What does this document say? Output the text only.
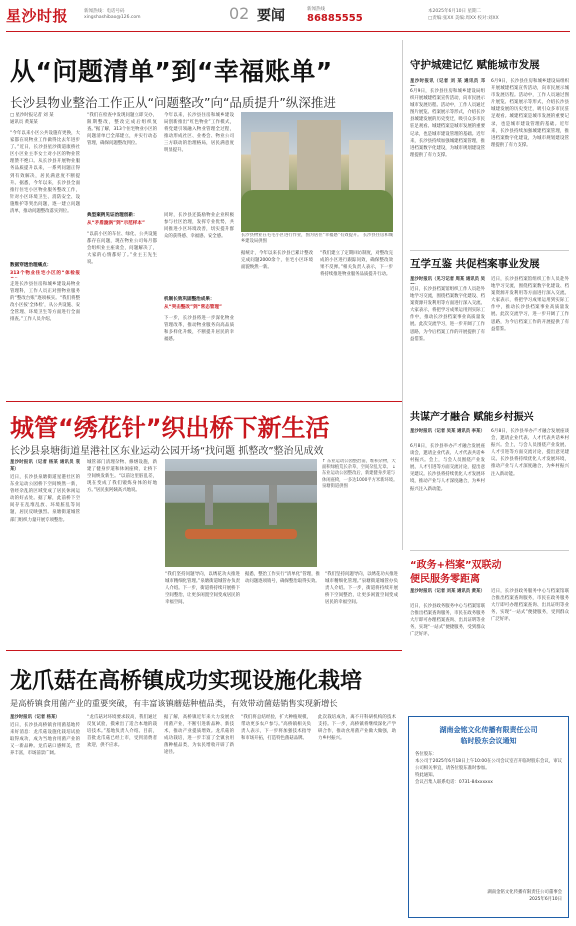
星沙时报	新闻热线：电话号码
xingshashibao@126.com	02 要闻	新闻热线
86885555
本2025年6月10日 星期二
□责编:张XX 美编:周XX 校对:刘XX
从“问题清单”到“幸福账单”
长沙县物业整治工作正从“问题整改”向“品质提升”纵深推进
□ 星沙时报记者 刘 某
通讯员 黄某某
“今年以来小区公共设施有更换，大家都在说物业工作做得比去年进步了。”近日，长沙县星沙街道康桥社区小区业主李女士对小区的物业管理赞不绝口。从长沙县开展物业服务品质提升以来，一系列问题正得到有效解决，居民满意度不断提升。据悉，今年以来，长沙县全面推行住宅小区物业服务整改工作，针对小区环境卫生、消防安全、设施维护等突出问题，逐一建立问题清单，推动问题整改落实到位。
数据穿透治理痛点：
313个物业住宅小区的“体检报
走进长沙县住房和城乡建设局物业管理科，工作人员正对照物业服务的“整改台账”逐项核实。“我们将整改小区按‘全体检’，从公共设施、安全管理、环境卫生等方面进行全面排查。”工作人员介绍。
“我们在检查中发现问题立即交办，限期整改，整改完成后组织复查。”据了解，313个住宅物业小区的问题清单已全部建立，并实行动态管理，确保问题整改到位。
典型案例见证治理创新：
从“矛盾漩涡”到“示范样本”
“以前小区的车位、绿化、公共设施都存在问题，现在物业公司每月都会组织业主座谈会，问题解决了，大家的心情都好了。”业主王先生说。
今年以来，长沙县住房和城乡建设局创新推出“红色物业”工作模式，将党建引领融入物业管理全过程，推动形成社区、业委会、物业公司三方联动的治理格局，居民满意度明显提升。
同时，长沙县还鼓励物业企业积极参与社区治理，发挥专业优势，共同推进小区环境改善，切实提升群众的获得感、幸福感、安全感。	长沙县物业在毛毛小区进行作业，图为居住“幸福感”有效提升。 长沙县住房和城乡建设局供图
据统计，今年以来长沙县已累计整改完成问题2000余个，住宅小区环境面貌焕然一新。
“我们建立了定期回访制度，对整改完成的小区进行跟踪问效，确保整改效果不反弹。”相关负责人表示，下一步将持续推进物业服务品质提升行动。
机制长效巩固整治成果：
从“突击整改”到“常态管理”
下一步，长沙县将进一步深化物业管理改革，推动物业服务向高品质和多样化升级，不断提升居民的幸福感。
守护城建记忆 赋能城市发展
星沙时报讯（记者 刘 某 通讯员 邓
6月9日，长沙县住房和城乡建设局组织开展城建档案宣传活动，向市民展示城市发展历程。活动中，工作人员通过图片展览、档案展示等形式，介绍长沙县城建发展的历史变迁，吸引众多市民驻足观看。城建档案是城市发展的重要记录，也是城市建设管理的基础。近年来，长沙县持续加强城建档案管理，推进档案数字化建设，为城市规划建设管理提供了有力支撑。
6月9日，长沙县住房和城乡建设局组织开展城建档案宣传活动，向市民展示城市发展历程。活动中，工作人员通过图片展览、档案展示等形式，介绍长沙县城建发展的历史变迁，吸引众多市民驻足观看。城建档案是城市发展的重要记录，也是城市建设管理的基础。近年来，长沙县持续加强城建档案管理，推进档案数字化建设，为城市规划建设管理提供了有力支撑。
互学互鉴 共促档案事业发展
星沙时报讯（见习记者 周某 通讯员 吴
近日，长沙县档案馆组织工作人员赴外地学习交流，围绕档案数字化建设、档案资源开发利用等方面进行深入交流。大家表示，将把学习成果运用到实际工作中，推动长沙县档案事业高质量发展。此次交流学习，进一步开阔了工作思路，为今后档案工作的开展提供了有益借鉴。
近日，长沙县档案馆组织工作人员赴外地学习交流，围绕档案数字化建设、档案资源开发利用等方面进行深入交流。大家表示，将把学习成果运用到实际工作中，推动长沙县档案事业高质量发展。此次交流学习，进一步开阔了工作思路，为今后档案工作的开展提供了有益借鉴。
城管“绣花针”织出桥下新生活
长沙县泉塘街道星港社区东业运动公园开场“找问题 抓整改”整治见成效
星沙时报讯（记者 杨某 通讯员 袁某）
近日，长沙县泉塘街道星港社区的东业运动公园桥下空间焕然一新，曾经杂乱的区域变成了居民休闲运动的好去处。据了解，此前桥下空间存在乱堆乱放、环境脏乱等问题，居民反映强烈。泉塘街道城管部门组织力量开展专项整治。
城管部门清理杂物、修缮设施，新建了健身步道和休闲座椅，让桥下空间焕发新生。“以前这里脏乱差，现在变成了我们锻炼身体的好地方。”居民张阿姨高兴地说。
↑ 东业运动公园整治前，堆积杂物，大面积绿植荒长杂草，空间杂乱无章。 ↓ 东业运动公园整改后，新建健身步道与休闲座椅，一多达1000平方米新环境。 泉塘街道供图
“我们坚持问题导向，以绣花功夫推进城市精细化管理。”泉塘街道城管办负责人介绍。下一步，街道将持续开展桥下空间整治，让更多闲置空间变成居民的幸福空间。
据悉，整治工作实行“清单化”管理，推动问题逐项销号，确保整治取得实效。
“我们坚持问题导向，以绣花功夫推进城市精细化管理。”泉塘街道城管办负责人介绍。下一步，街道将持续开展桥下空间整治，让更多闲置空间变成居民的幸福空间。
共谋产才融合 赋能乡村振兴
星沙时报讯（记者 吴某 通讯员 李某）
6月8日，长沙县举办产才融合发展座谈会，邀请企业代表、人才代表共话乡村振兴。会上，与会人员围绕产业发展、人才引进等方面交流讨论，提出意见建议。长沙县将持续优化人才发展环境，推动产业与人才深度融合，为乡村振兴注入新动能。
6月8日，长沙县举办产才融合发展座谈会，邀请企业代表、人才代表共话乡村振兴。会上，与会人员围绕产业发展、人才引进等方面交流讨论，提出意见建议。长沙县将持续优化人才发展环境，推动产业与人才深度融合，为乡村振兴注入新动能。
“政务+档案”双联动
便民服务零距离
星沙时报讯（记者 刘某 通讯员 黄某）
近日，长沙县政务服务中心与档案馆联合推出档案查询服务，市民在政务服务大厅即可办理档案查询、出具证明等业务，实现“一站式”便捷服务，受到群众广泛好评。
近日，长沙县政务服务中心与档案馆联合推出档案查询服务，市民在政务服务大厅即可办理档案查询、出具证明等业务，实现“一站式”便捷服务，受到群众广泛好评。
龙爪菇在高桥镇成功实现设施化栽培
是高桥镇食用菌产业的重要突破，有丰富该镇蘑菇种植品类，有效带动菌菇销售实现新增长
星沙时报讯（记者 杨某）
近日，长沙县高桥镇食用菌基地传来好消息：龙爪菇设施化栽培试验取得成功，成为当地食用菌产业的又一新品种。龙爪菇口感鲜美，营养丰富，市场前景广阔。
“龙爪菇对环境要求较高，我们通过反复试验，摸索出了适合本地的栽培技术。”基地负责人介绍。目前，首批龙爪菇已经上市，受到消费者欢迎，供不应求。
据了解，高桥镇近年来大力发展食用菌产业，不断引进新品种、新技术，推动产业提质增效。龙爪菇的成功栽培，进一步丰富了全镇食用菌种植品类，为农民增收开辟了新途径。
“我们将总结经验，扩大种植规模，带动更多农户参与。”高桥镇相关负责人表示，下一步将加强技术指导和市场开拓，打造特色菌菇品牌。
此次栽培成功，离不开科研机构的技术支持。下一步，高桥镇将继续深化产学研合作，推动食用菌产业做大做强，助力乡村振兴。
湖南金铭文化传播有限责任公司
临时股东会议通知
各位股东：
本公司于2025年6月18日上午10:00在公司会议室召开临时股东会议，审议公司相关事宜，请各位股东准时参加。
特此通知。
会议召集人联系电话：0731-84xxxxxx
湖南金铭文化传播有限责任公司董事会
2025年6月10日
